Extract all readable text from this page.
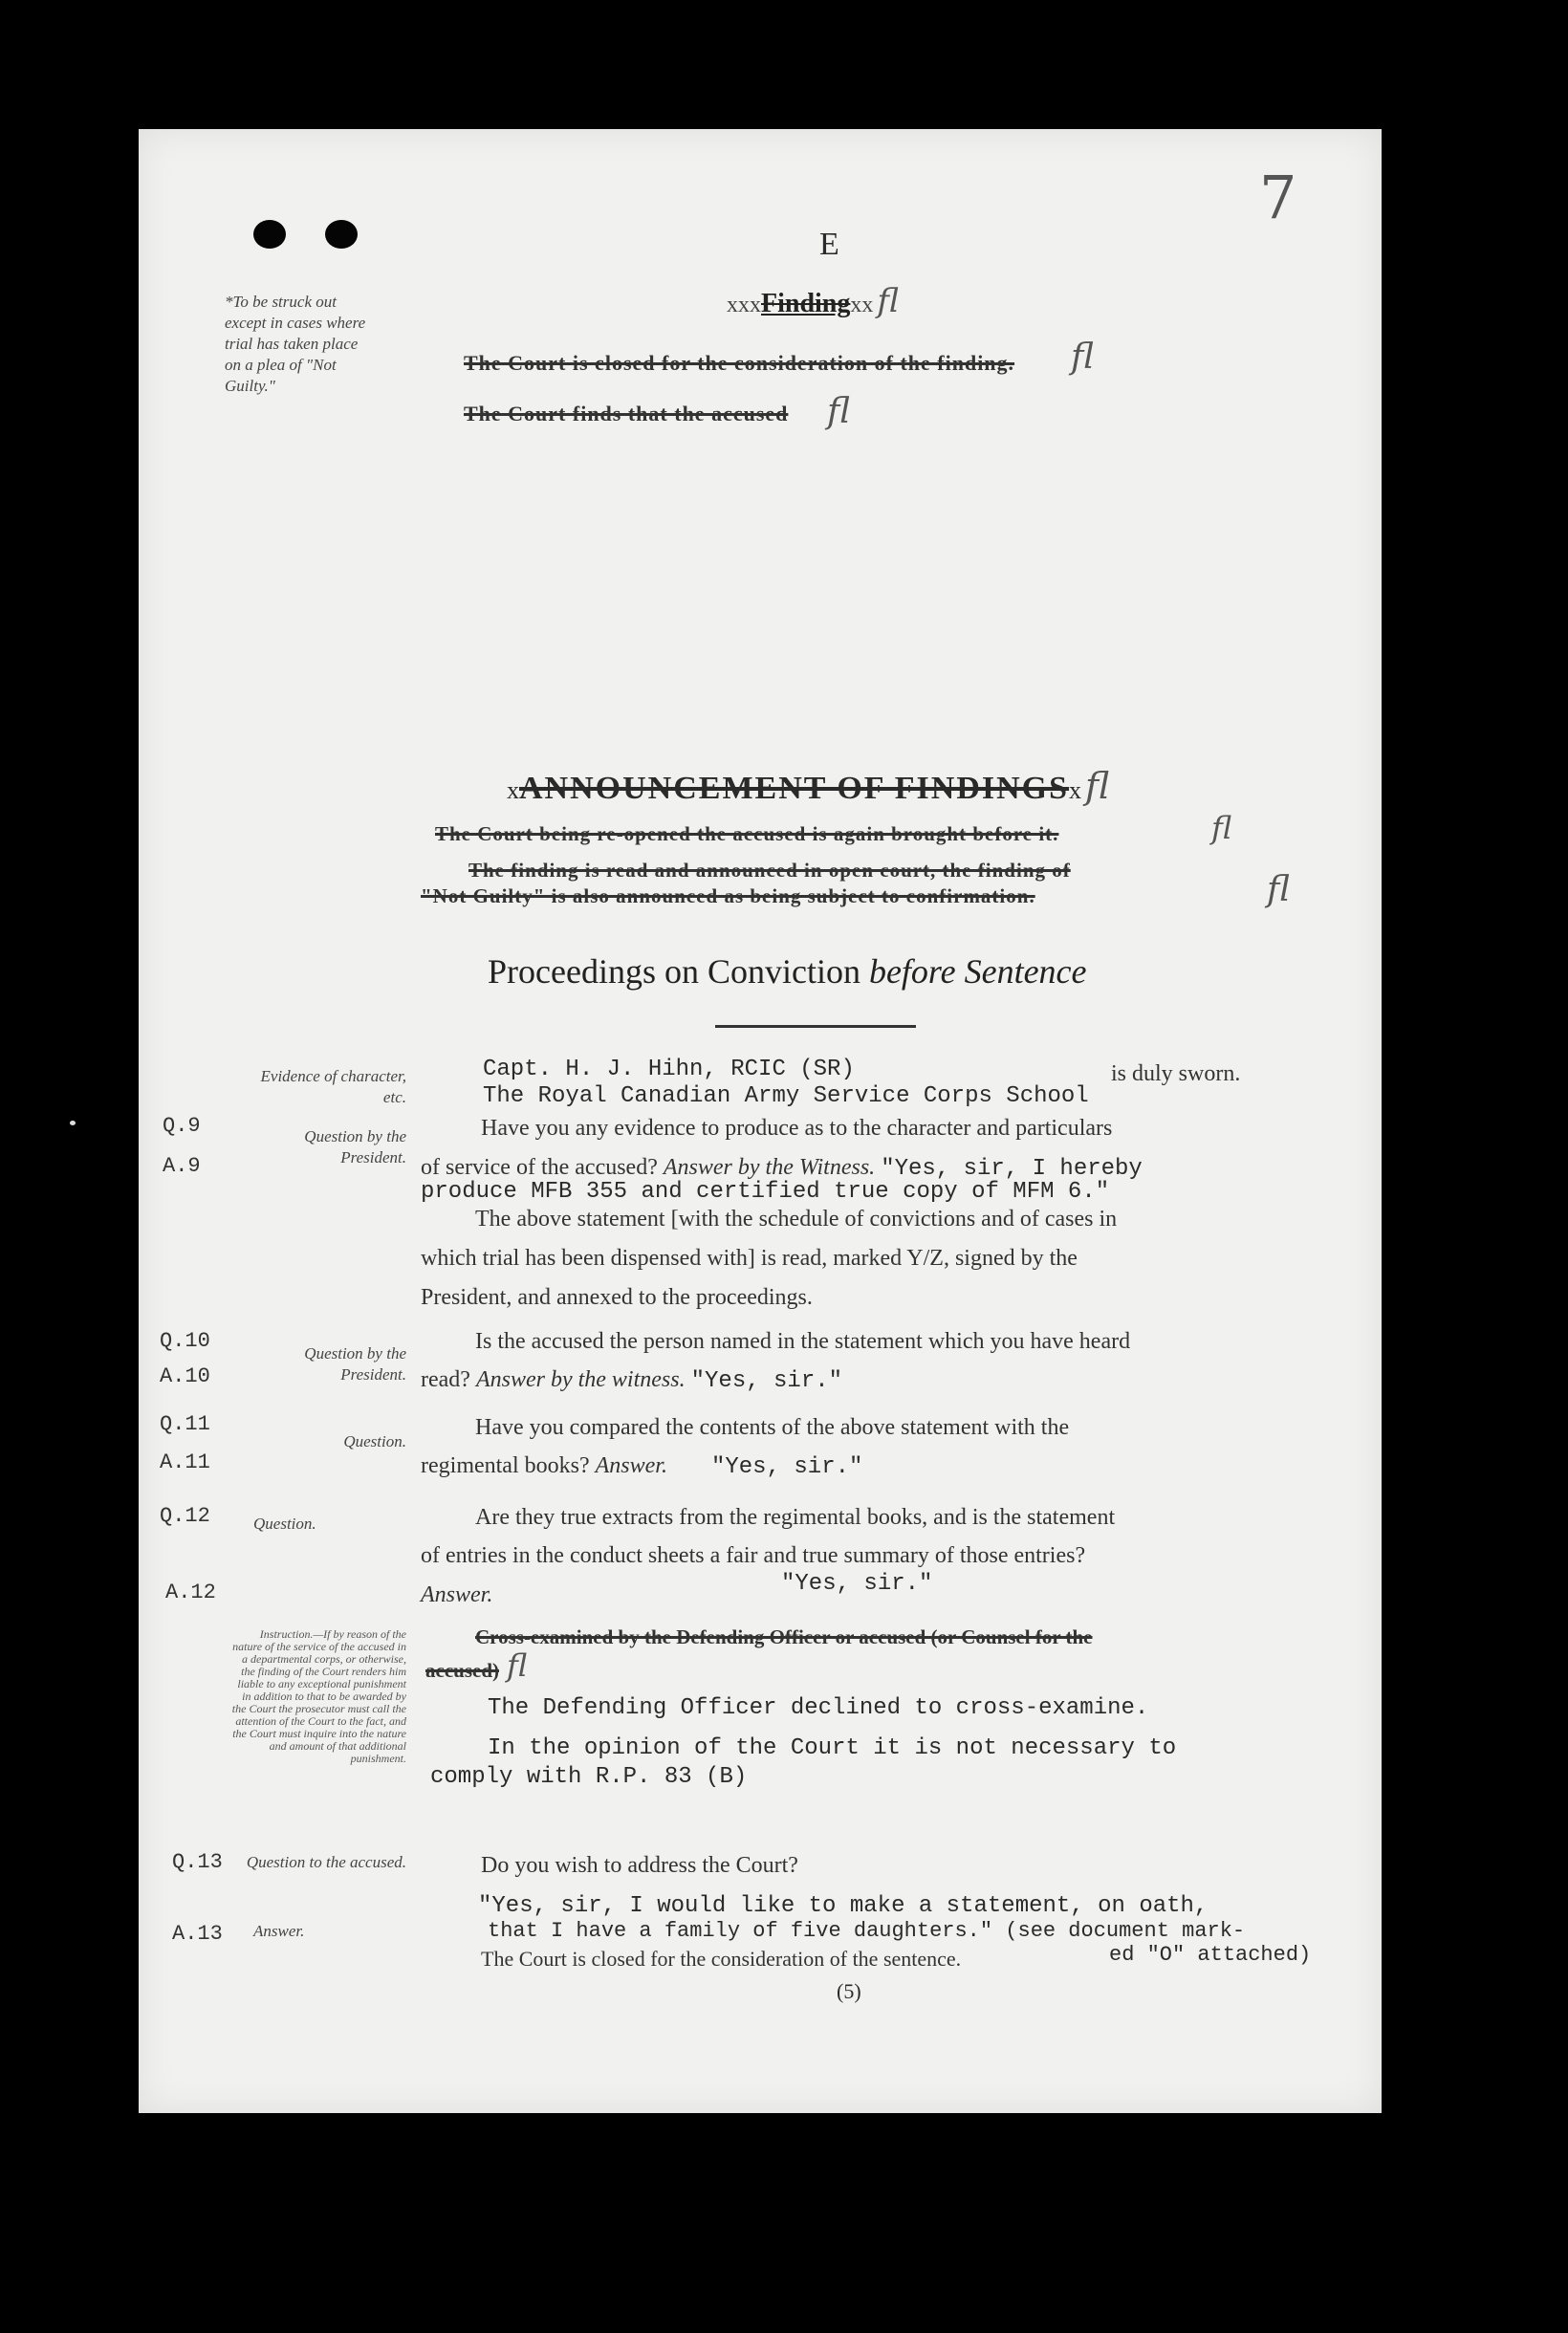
7
E
*To be struck out except in cases where trial has taken place on a plea of "Not Guilty."
xxxFindingxx fl
The Court is closed for the consideration of the finding. fl
The Court finds that the accused fl
xANNOUNCEMENT OF FINDINGSx fl
The Court being re-opened the accused is again brought before it.	fl
The finding is read and announced in open court, the finding of
"Not Guilty" is also announced as being subject to confirmation.	fl
Proceedings on Conviction before Sentence
Evidence of character, etc.
Capt. H. J. Hihn, RCIC (SR)	is duly sworn.
The Royal Canadian Army Service Corps School
Q.9
A.9
Question by the President.
Have you any evidence to produce as to the character and particulars
of service of the accused? Answer by the Witness. "Yes, sir, I hereby
produce MFB 355 and certified true copy of MFM 6."
The above statement [with the schedule of convictions and of cases in
which trial has been dispensed with] is read, marked Y/Z, signed by the
President, and annexed to the proceedings.
Q.10
A.10
Question by the President.
Is the accused the person named in the statement which you have heard
read? Answer by the witness. "Yes, sir."
Q.11
A.11
Question.
Have you compared the contents of the above statement with the
regimental books? Answer. "Yes, sir."
Q.12
A.12
Question.	Are they true extracts from the regimental books, and is the statement
of entries in the conduct sheets a fair and true summary of those entries?
Answer.	"Yes, sir."
Instruction.—If by reason of the nature of the service of the accused in a departmental corps, or otherwise, the finding of the Court renders him liable to any exceptional punishment in addition to that to be awarded by the Court the prosecutor must call the attention of the Court to the fact, and the Court must inquire into the nature and amount of that additional punishment.
Cross-examined by the Defending Officer or accused (or Counsel for the
accused) fl
The Defending Officer declined to cross-examine.
In the opinion of the Court it is not necessary to
comply with R.P. 83 (B)
Q.13
A.13
Question to the accused.
Answer.
Do you wish to address the Court?
"Yes, sir, I would like to make a statement, on oath,
that I have a family of five daughters." (see document mark-
The Court is closed for the consideration of the sentence.	ed "O" attached)
(5)
